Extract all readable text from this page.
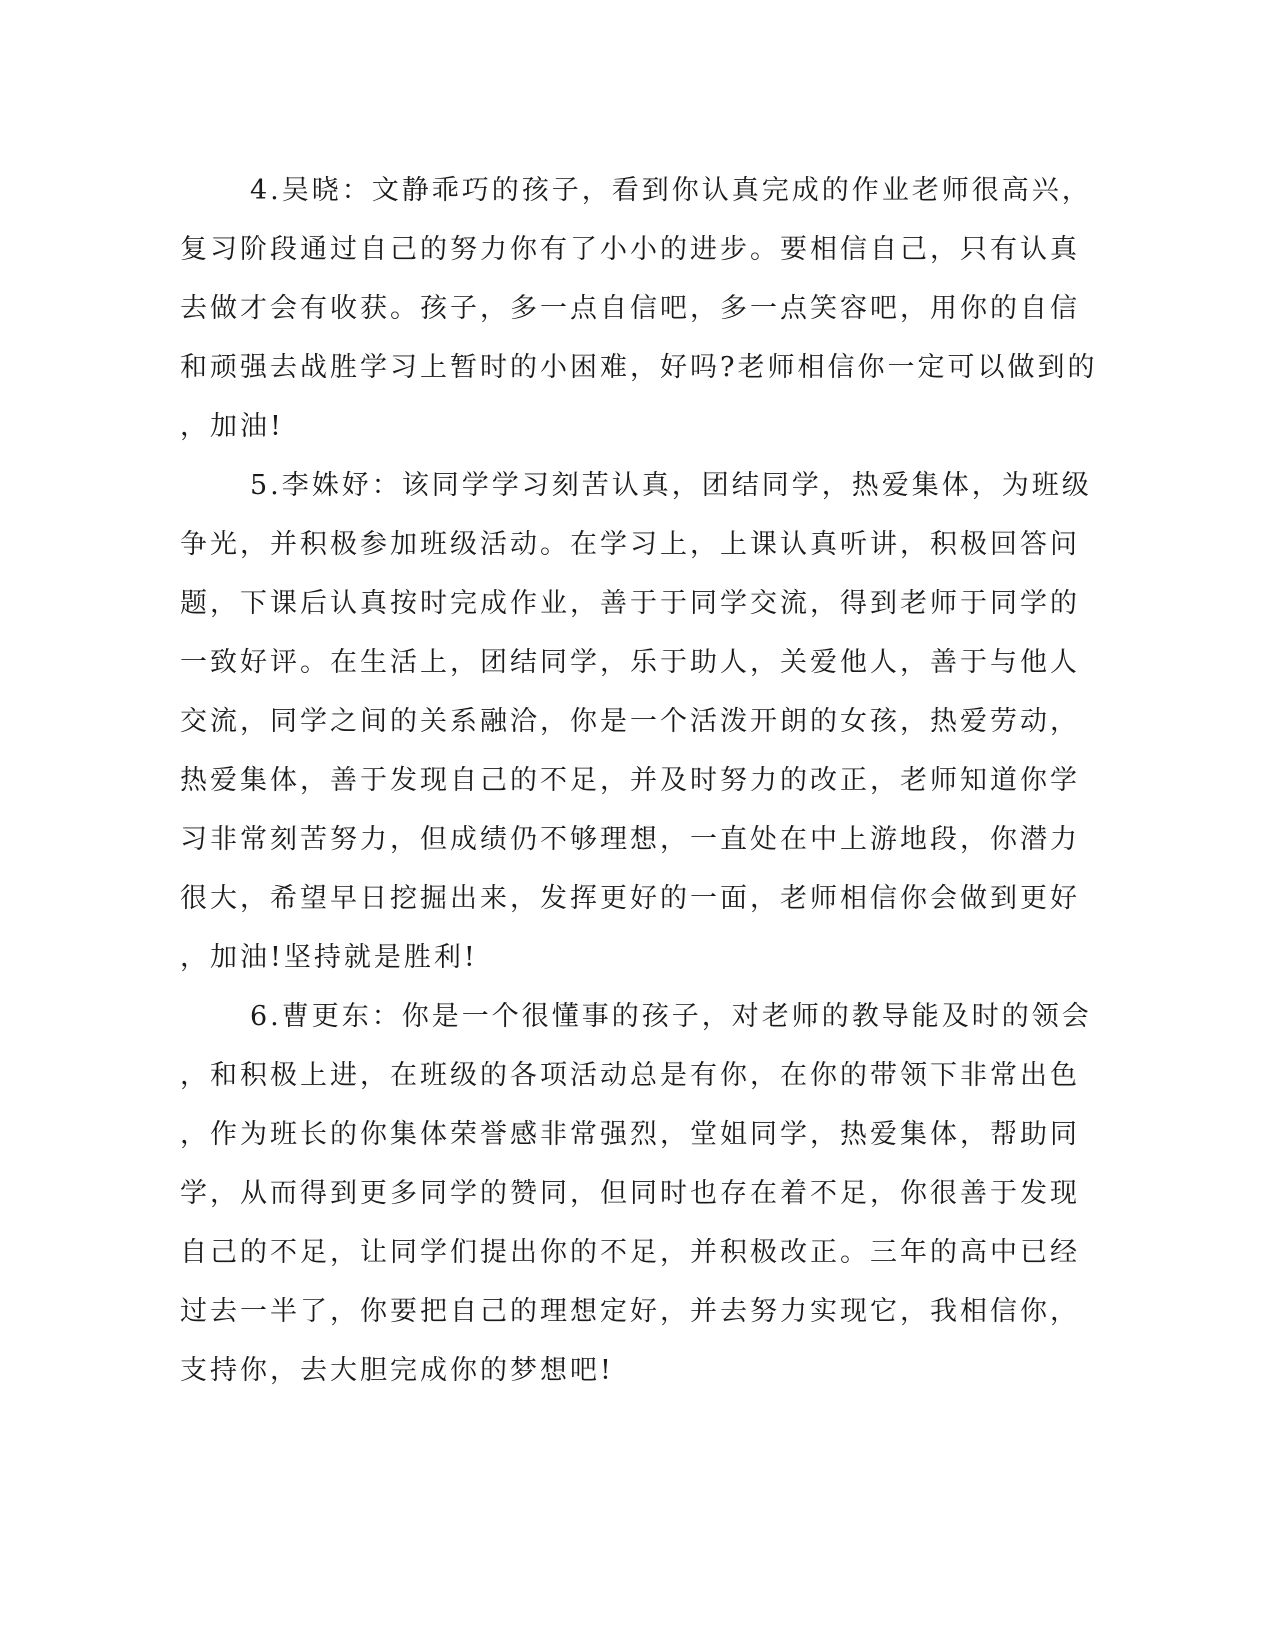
4.吴晓：文静乖巧的孩子，看到你认真完成的作业老师很高兴，
复习阶段通过自己的努力你有了小小的进步。要相信自己，只有认真
去做才会有收获。孩子，多一点自信吧，多一点笑容吧，用你的自信
和顽强去战胜学习上暂时的小困难，好吗?老师相信你一定可以做到的
，加油!
5.李姝妤：该同学学习刻苦认真，团结同学，热爱集体，为班级
争光，并积极参加班级活动。在学习上，上课认真听讲，积极回答问
题，下课后认真按时完成作业，善于于同学交流，得到老师于同学的
一致好评。在生活上，团结同学，乐于助人，关爱他人，善于与他人
交流，同学之间的关系融洽，你是一个活泼开朗的女孩，热爱劳动，
热爱集体，善于发现自己的不足，并及时努力的改正，老师知道你学
习非常刻苦努力，但成绩仍不够理想，一直处在中上游地段，你潜力
很大，希望早日挖掘出来，发挥更好的一面，老师相信你会做到更好
，加油!坚持就是胜利!
6.曹更东：你是一个很懂事的孩子，对老师的教导能及时的领会
，和积极上进，在班级的各项活动总是有你，在你的带领下非常出色
，作为班长的你集体荣誉感非常强烈，堂姐同学，热爱集体，帮助同
学，从而得到更多同学的赞同，但同时也存在着不足，你很善于发现
自己的不足，让同学们提出你的不足，并积极改正。三年的高中已经
过去一半了，你要把自己的理想定好，并去努力实现它，我相信你，
支持你，去大胆完成你的梦想吧!
